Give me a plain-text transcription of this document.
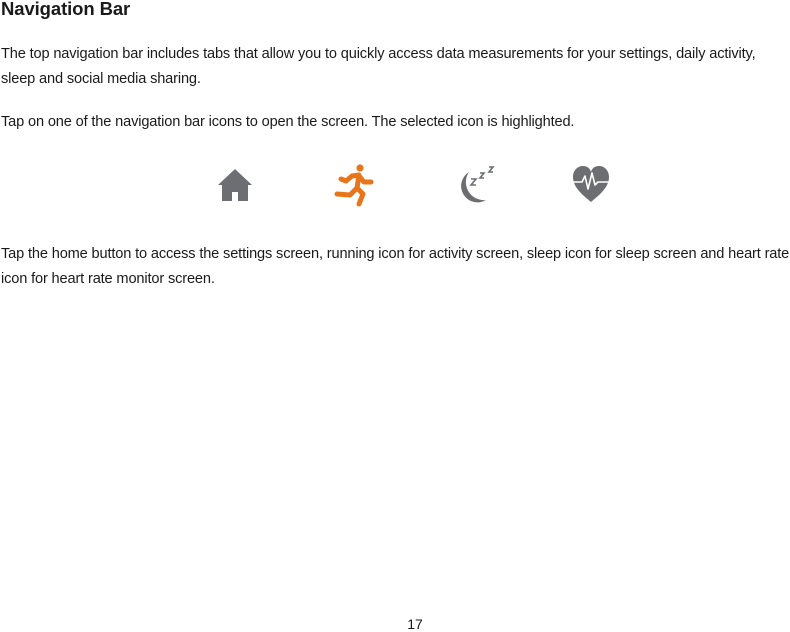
Navigation Bar

The top navigation bar includes tabs that allow you to quickly access data measurements for your settings, daily activity, sleep and social media sharing.

Tap on one of the navigation bar icons to open the screen. The selected icon is highlighted.

Tap the home button to access the settings screen, running icon for activity screen, sleep icon for sleep screen and heart rate icon for heart rate monitor screen.

17
